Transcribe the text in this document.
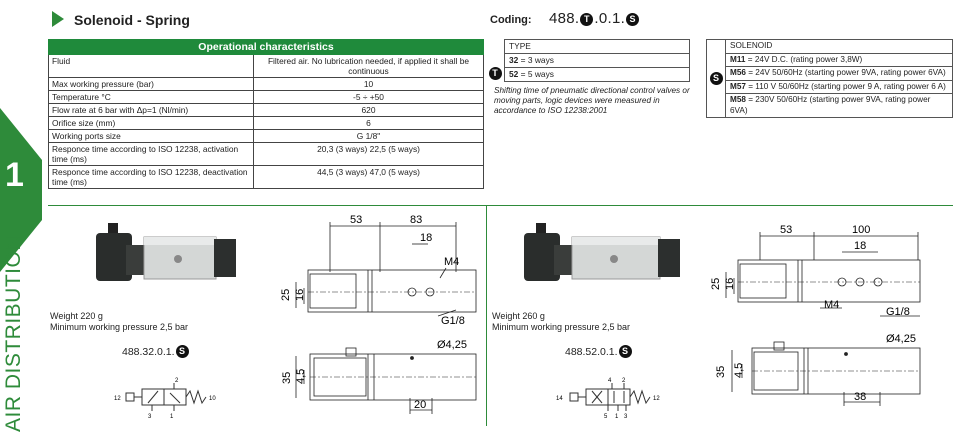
1
AIR DISTRIBUTION
Solenoid - Spring
Operational characteristics	
Fluid	Filtered air. No lubrication needed, if applied it shall be continuous
Max working pressure (bar)	10
Temperature °C	-5 ÷ +50
Flow rate at 6 bar with Δp=1 (Nl/min)	620
Orifice size (mm)	6
Working ports size	G 1/8"
Responce time according to ISO 12238, activation time (ms)	20,3 (3 ways) 22,5 (5 ways)
Responce time according to ISO 12238, deactivation time (ms)	44,5 (3 ways) 47,0 (5 ways)
Coding: 488. T .0.1. S
T	TYPE
32 = 3 ways
52 = 5 ways
Shifting time of pneumatic directional control valves or moving parts, logic devices were measured in accordance to ISO 12238:2001
S	SOLENOID
M11 = 24V D.C. (rating power 3,8W)
M56 = 24V 50/60Hz (starting power 9VA, rating power 6VA)
M57 = 110 V 50/60Hz (starting power 9 A, rating power 6 A)
M58 = 230V 50/60Hz (starting power 9VA, rating power 6VA)
Weight 220 g
Minimum working pressure 2,5 bar
488.32.0.1. S
12	10
2
3	1
53	83
18
M4
25 16
G1/8
Ø4,25
35 4,5
20
Weight 260 g
Minimum working pressure 2,5 bar
488.52.0.1. S
14	12
4 2
5 1 3
53	100
18
M4
25 16
G1/8
Ø4,25
35 4,5
38
